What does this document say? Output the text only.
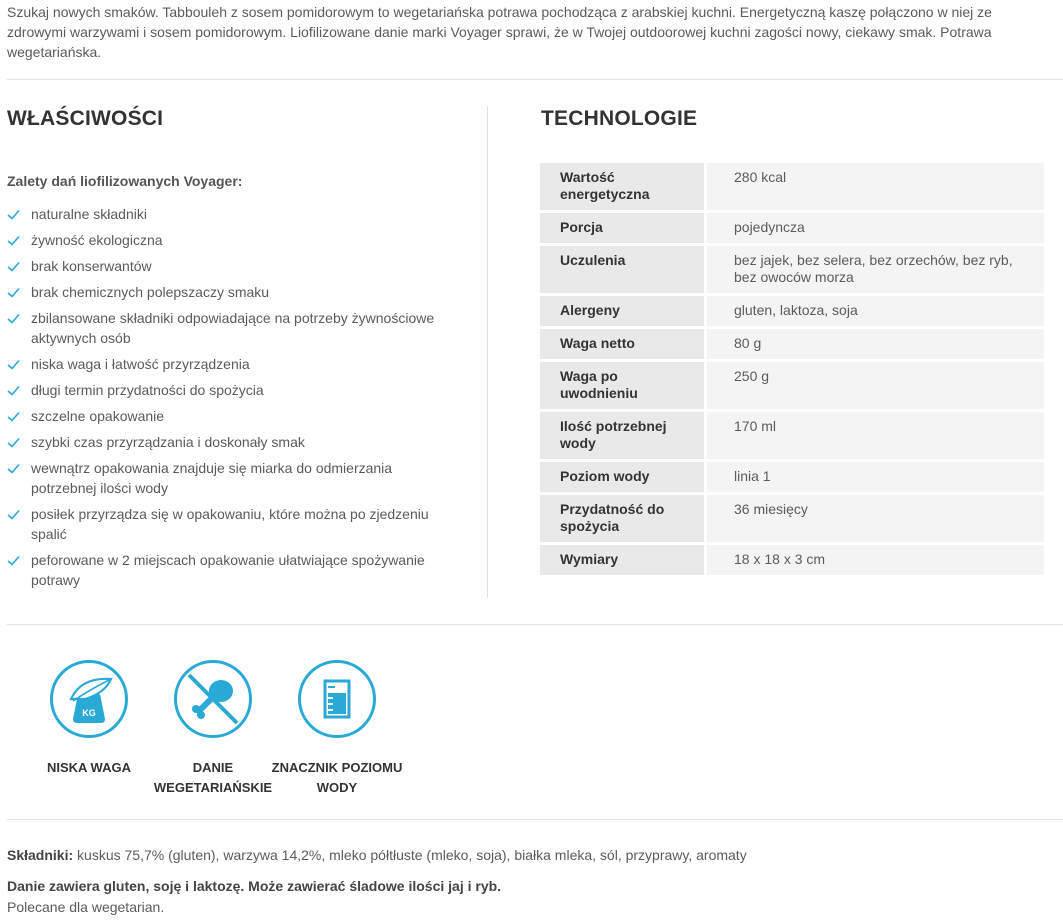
Szukaj nowych smaków. Tabbouleh z sosem pomidorowym to wegetariańska potrawa pochodząca z arabskiej kuchni. Energetyczną kaszę połączono w niej ze zdrowymi warzywami i sosem pomidorowym. Liofilizowane danie marki Voyager sprawi, że w Twojej outdoorowej kuchni zagości nowy, ciekawy smak. Potrawa wegetariańska.
WŁAŚCIWOŚCI	TECHNOLOGIE
Zalety dań liofilizowanych Voyager:
naturalne składniki
żywność ekologiczna
brak konserwantów
brak chemicznych polepszaczy smaku
zbilansowane składniki odpowiadające na potrzeby żywnościowe aktywnych osób
niska waga i łatwość przyrządzenia
długi termin przydatności do spożycia
szczelne opakowanie
szybki czas przyrządzania i doskonały smak
wewnątrz opakowania znajduje się miarka do odmierzania potrzebnej ilości wody
posiłek przyrządza się w opakowaniu, które można po zjedzeniu spalić
peforowane w 2 miejscach opakowanie ułatwiające spożywanie potrawy
Wartość energetyczna	280 kcal
Porcja	pojedyncza
Uczulenia	bez jajek, bez selera, bez orzechów, bez ryb, bez owoców morza
Alergeny	gluten, laktoza, soja
Waga netto	80 g
Waga po uwodnieniu	250 g
Ilość potrzebnej wody	170 ml
Poziom wody	linia 1
Przydatność do spożycia	36 miesięcy
Wymiary	18 x 18 x 3 cm
KG
NISKA WAGA	DANIE WEGETARIAŃSKIE
ZNACZNIK POZIOMU WODY
Składniki: kuskus 75,7% (gluten), warzywa 14,2%, mleko półtłuste (mleko, soja), białka mleka, sól, przyprawy, aromaty
Danie zawiera gluten, soję i laktozę. Może zawierać śladowe ilości jaj i ryb.
Polecane dla wegetarian.
